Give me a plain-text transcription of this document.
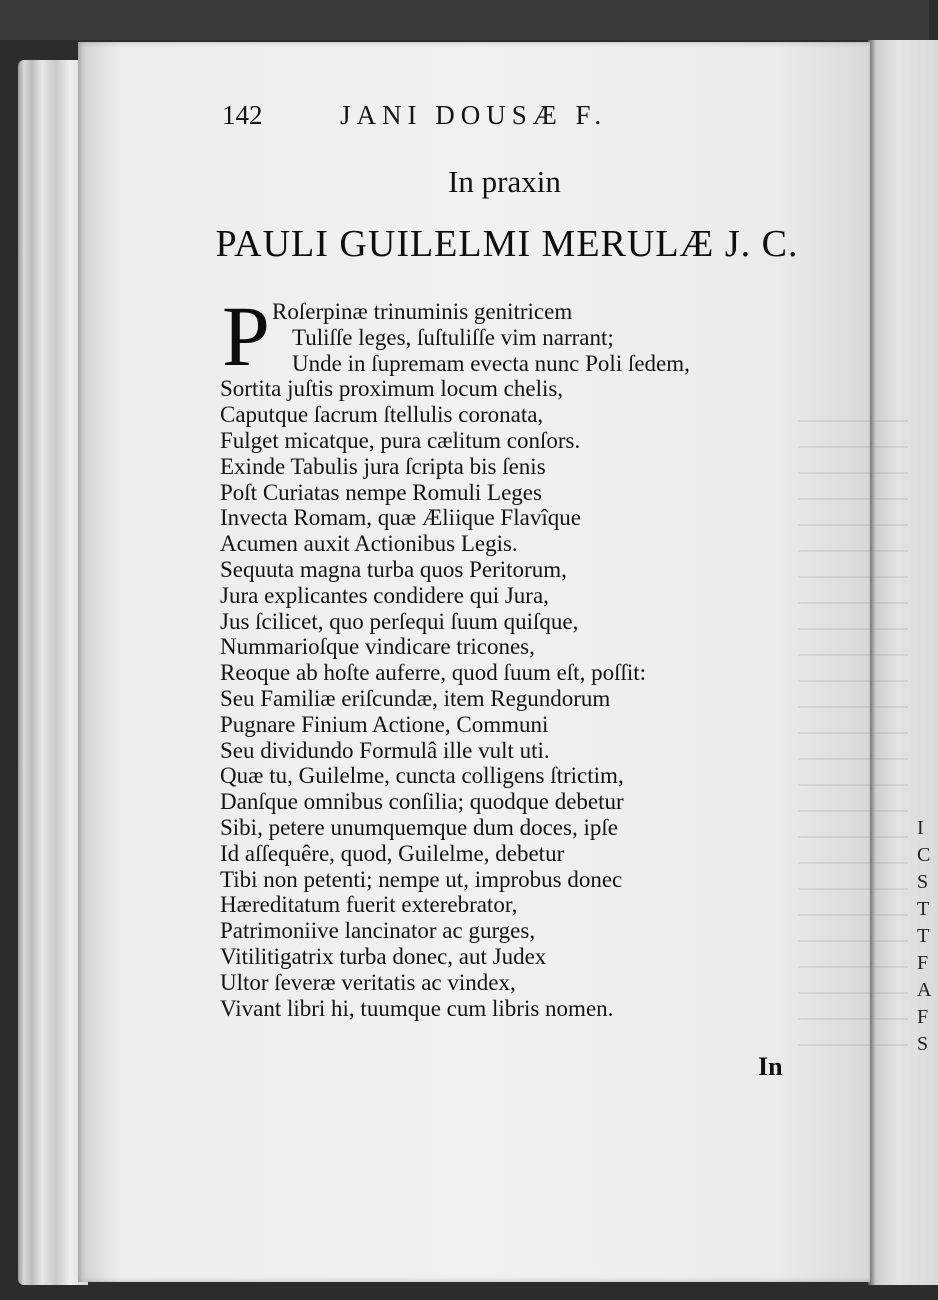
I
C
S
T
T
F
A
F
S
142	JANI DOUSÆ F.
In praxin
PAULI GUILELMI MERULÆ J. C.
P Roſerpinæ trinuminis genitricem
Tuliſſe leges, ſuſtuliſſe vim narrant;
Unde in ſupremam evecta nunc Poli ſedem,
Sortita juſtis proximum locum chelis,
Caputque ſacrum ſtellulis coronata,
Fulget micatque, pura cælitum conſors.
Exinde Tabulis jura ſcripta bis ſenis
Poſt Curiatas nempe Romuli Leges
Invecta Romam, quæ Æliique Flavîque
Acumen auxit Actionibus Legis.
Sequuta magna turba quos Peritorum,
Jura explicantes condidere qui Jura,
Jus ſcilicet, quo perſequi ſuum quiſque,
Nummarioſque vindicare tricones,
Reoque ab hoſte auferre, quod ſuum eſt, poſſit:
Seu Familiæ eriſcundæ, item Regundorum
Pugnare Finium Actione, Communi
Seu dividundo Formulâ ille vult uti.
Quæ tu, Guilelme, cuncta colligens ſtrictim,
Danſque omnibus conſilia; quodque debetur
Sibi, petere unumquemque dum doces, ipſe
Id aſſequêre, quod, Guilelme, debetur
Tibi non petenti; nempe ut, improbus donec
Hæreditatum fuerit exterebrator,
Patrimoniive lancinator ac gurges,
Vitilitigatrix turba donec, aut Judex
Ultor ſeveræ veritatis ac vindex,
Vivant libri hi, tuumque cum libris nomen.
In
